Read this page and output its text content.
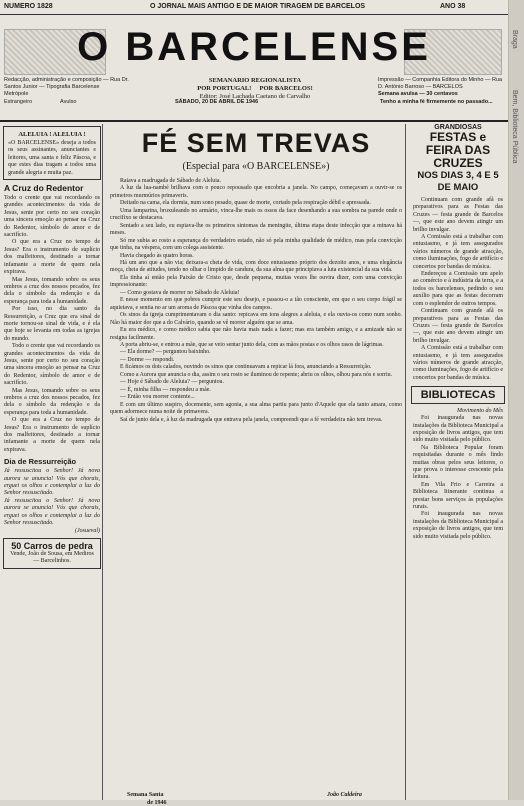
NUMERO 1828	O JORNAL MAIS ANTIGO E DE MAIOR TIRAGEM DE BARCELOS	ANO 38
O BARCELENSE
Redacção, administração e composição — Rua Dr. Santos Junior — Tipografia Barcelense
Metrópole
SEMANARIO REGIONALISTA
POR PORTUGAL! POR BARCELOS!
Editor: José Lachada Caetano de Carvalho
Impressão — Companhia Editora do Minho — Rua D. António Barroso — BARCELOS
Semana avulsa — 30 centavos
Estrangeiro	Avulso	SÁBADO, 20 DE ABRIL DE 1946	Tenho a minha fé firmemente no passado...
ALELUIA ! ALELUIA !
«O BARCELENSE» deseja a todos os seus assinantes, anunciantes e leitores, uma santa e feliz Páscoa, e que estes dias tragam a todos uma grande alegria e muita paz.
A Cruz do Redentor
Todo o crente que vai recordando os grandes acontecimentos da vida de Jesus, sente por certo no seu coração uma sincera emoção ao pensar na Cruz do Redentor, símbolo de amor e de sacrifício.
O que era a Cruz no tempo de Jesus? Era o instrumento de suplício dos malfeitores, destinado a tornar infamante a morte de quem nela expirava.
Mas Jesus, tomando sobre os seus ombros a cruz dos nossos pecados, fez dela o símbolo da redenção e da esperança para toda a humanidade.
Por isso, no dia santo da Ressurreição, a Cruz que era sinal de morte tornou-se sinal de vida, e é ela que hoje se levanta em todas as igrejas do mundo.
Todo o crente que vai recordando os grandes acontecimentos da vida de Jesus, sente por certo no seu coração uma sincera emoção ao pensar na Cruz do Redentor, símbolo de amor e de sacrifício.
Mas Jesus, tomando sobre os seus ombros a cruz dos nossos pecados, fez dela o símbolo da redenção e da esperança para toda a humanidade.
O que era a Cruz no tempo de Jesus? Era o instrumento de suplício dos malfeitores, destinado a tornar infamante a morte de quem nela expirava.
Dia de Ressurreição
Já ressuscitou o Senhor! Já nova aurora se anuncia! Vós que chorais, erguei os olhos e contemplai a luz do Senhor ressuscitado.
Já ressuscitou o Senhor! Já nova aurora se anuncia! Vós que chorais, erguei os olhos e contemplai a luz do Senhor ressuscitado.
(Josueval)
50 Carros de pedra
Vende, João de Sousa, em Mediros — Barcelinhos.
FÉ SEM TREVAS
(Especial para «O BARCELENSE»)
Raiava a madrugada de Sábado de Aleluia.
A luz da lua-nambé brilhava com o pouco repousado que encobria a janela. No campo, começavam a ouvir-se os primeiros murmúrios primaveris.
Deitado na cama, ela dormia, num sono pesado, quase de morte, cortado pela respiração débil e apressada.
Uma lamparina, bruxuleando no armário, vinca-lhe mais os ossos da face desenhando a sua sombra na parede onde o crucifixo se destacava.
Sentado a seu lado, eu espiava-lhe os primeiros sintomas da meningite, última etapa deste infecção que a minava há meses.
Só me subia ao rosto a esperança do verdadeiro estado, não só pela minha qualidade de médico, mas pela convicção que tinha, na véspera, com um colega assistente.
Havia chegado às quatro horas.
Há um ano que a não via; deixara-a cheia de vida, com doce entusiasmo próprio dos dezoito anos, e uma elegância moça, cheia de atitudes, tendo no olhar o limpido de candura, da sua alma que principiava a luta existencial da sua vida.
Ela tinha aí então pela Paixão de Cristo que, desde pequena, muitas vezes lhe ouvira dizer, com uma convicção impressionante:
— Como gostava de morrer no Sábado de Aleluia!
E nesse momento em que pobres cumprir este seu desejo, e passou-o a tão consciente, em que o seu corpo frágil se aquietava, e sentia no ar um aroma de Páscoa que vinha dos campos.
Os sinos da igreja cumprimentavam o dia santo: repicava em tons alegres a aleluia, e ela ouvia-os como num sonho. Não há maior dor que a do Calvário, quando se vê morrer alguém que se ama.
Eu era médico, e como médico sabia que não havia mais nada a fazer; mas era também amigo, e a amizade não se resigna facilmente.
A porta abriu-se, e entrou a mãe, que se veio sentar junto dela, com as mãos postas e os olhos rasos de lágrimas.
— Ela dorme? — perguntou baixinho.
— Dorme — respondi.
E ficámos os dois calados, ouvindo os sinos que continuavam a repicar lá fora, anunciando a Ressurreição.
Como a Aurora que anuncia o dia, assim o seu rosto se iluminou de repente; abriu os olhos, olhou para nós e sorriu.
— Hoje é Sábado de Aleluia? — perguntou.
— É, minha filha — respondeu a mãe.
— Então vou morrer contente...
E com um último suspiro, docemente, sem agonia, a sua alma partiu para junto d'Aquele que ela tanto amara, como quem adormece numa noite de primavera.
Saí de junto dela e, à luz da madrugada que entrava pela janela, compreendi que a fé verdadeira não tem trevas.
Semana Santa
de 1946
João Caldeira
GRANDIOSAS
FESTAS e FEIRA DAS CRUZES
NOS DIAS 3, 4 E 5 DE MAIO
Continuam com grande afã os preparativos para as Festas das Cruzes — festa grande de Barcelos —, que este ano devem atingir um brilho invulgar.
A Comissão está a trabalhar com entusiasmo, e já tem assegurados vários números de grande atracção, como iluminações, fogo de artifício e concertos por bandas de música.
Endereçou a Comissão um apelo ao comércio e à indústria da terra, e a todos os barcelenses, pedindo o seu auxílio para que as festas decorram com o esplendor de outros tempos.
Continuam com grande afã os preparativos para as Festas das Cruzes — festa grande de Barcelos —, que este ano devem atingir um brilho invulgar.
A Comissão está a trabalhar com entusiasmo, e já tem assegurados vários números de grande atracção, como iluminações, fogo de artifício e concertos por bandas de música.
BIBLIOTECAS
Movimento do Mês
Foi inaugurada nas novas instalações da Biblioteca Municipal a exposição de livros antigos, que tem sido muito visitada pelo público.
Na Biblioteca Popular foram requisitadas durante o mês findo muitas obras pelos seus leitores, o que prova o interesse crescente pela leitura.
Em Vila Frio e Carreira a Biblioteca Itinerante continua a prestar bons serviços às populações rurais.
Foi inaugurada nas novas instalações da Biblioteca Municipal a exposição de livros antigos, que tem sido muito visitada pelo público.
Braga
Bem, Biblioteca Pública
